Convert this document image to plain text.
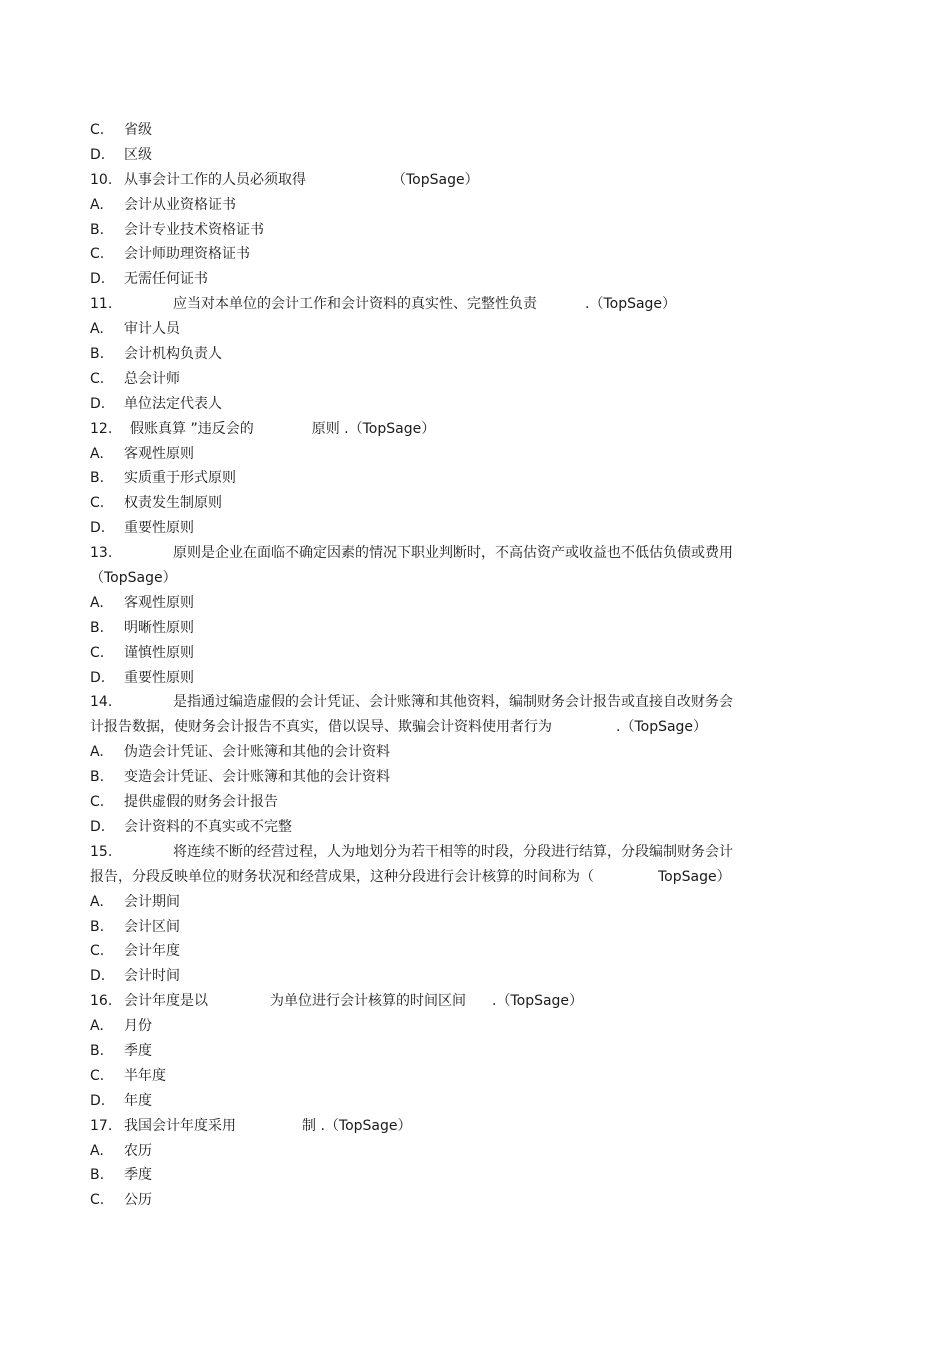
C. 省级
D. 区级
10. 从事会计工作的人员必须取得	（TopSage）
A. 会计从业资格证书
B. 会计专业技术资格证书
C. 会计师助理资格证书
D. 无需任何证书
11.	应当对本单位的会计工作和会计资料的真实性、完整性负责	.（TopSage）
A. 审计人员
B. 会计机构负责人
C. 总会计师
D. 单位法定代表人
12. 假账真算 ”违反会的	原则 .（TopSage）
A. 客观性原则
B. 实质重于形式原则
C. 权责发生制原则
D. 重要性原则
13.	原则是企业在面临不确定因素的情况下职业判断时，不高估资产或收益也不低估负债或费用
（TopSage）
A. 客观性原则
B. 明晰性原则
C. 谨慎性原则
D. 重要性原则
14.	是指通过编造虚假的会计凭证、会计账簿和其他资料，编制财务会计报告或直接自改财务会
计报告数据，使财务会计报告不真实，借以误导、欺骗会计资料使用者行为	.（TopSage）
A. 伪造会计凭证、会计账簿和其他的会计资料
B. 变造会计凭证、会计账簿和其他的会计资料
C. 提供虚假的财务会计报告
D. 会计资料的不真实或不完整
15.	将连续不断的经营过程，人为地划分为若干相等的时段，分段进行结算，分段编制财务会计
报告，分段反映单位的财务状况和经营成果，这种分段进行会计核算的时间称为（	TopSage）
A. 会计期间
B. 会计区间
C. 会计年度
D. 会计时间
16. 会计年度是以	为单位进行会计核算的时间区间 .（TopSage）
A. 月份
B. 季度
C. 半年度
D. 年度
17. 我国会计年度采用	制 .（TopSage）
A. 农历
B. 季度
C. 公历
